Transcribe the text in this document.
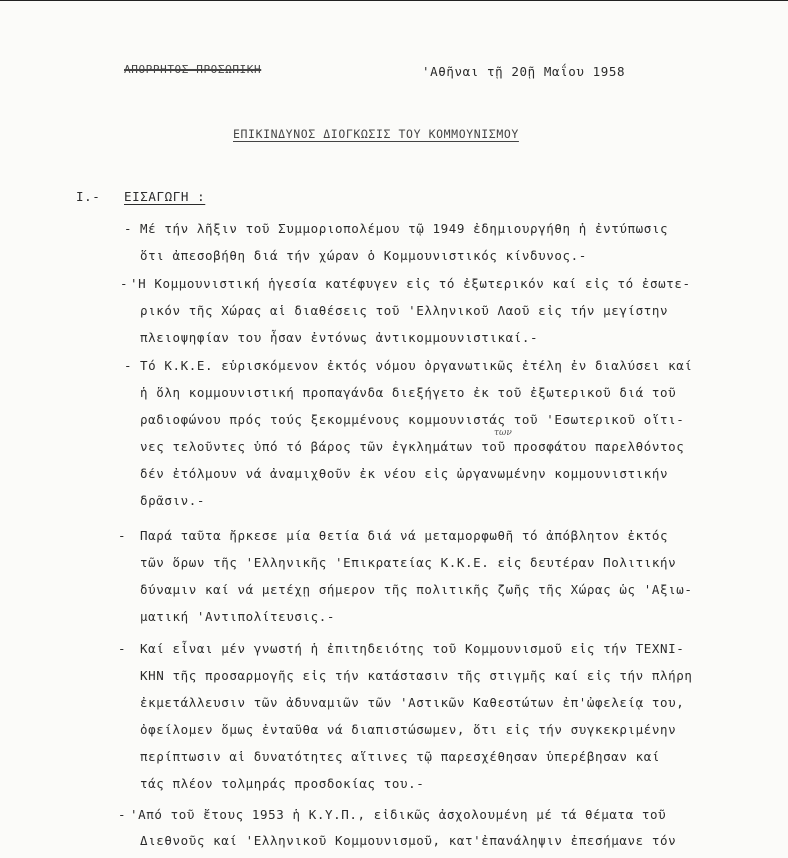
ΑΠΟΡΡΗΤΟΣ ΠΡΟΣΩΠΙΚΗ	'Αθῆναι τῇ 20ῇ Μαΐου 1958
ΕΠΙΚΙΝΔΥΝΟΣ ΔΙΟΓΚΩΣΙΣ ΤΟΥ ΚΟΜΜΟΥΝΙΣΜΟΥ
I.- ΕΙΣΑΓΩΓΗ :
- Μέ τήν λῆξιν τοῦ Συμμοριοπολέμου τῷ 1949 ἐδημιουργήθη ἡ ἐντύπωσις
ὅτι ἀπεσοβήθη διά τήν χώραν ὁ Κομμουνιστικός κίνδυνος.-
- 'Η Κομμουνιστική ἡγεσία κατέφυγεν εἰς τό ἐξωτερικόν καί εἰς τό ἐσωτε-
ρικόν τῆς Χώρας αἱ διαθέσεις τοῦ 'Ελληνικοῦ Λαοῦ εἰς τήν μεγίστην
πλειοψηφίαν του ἦσαν ἐντόνως ἀντικομμουνιστικαί.-
- Τό Κ.Κ.Ε. εὑρισκόμενον ἐκτός νόμου ὀργανωτικῶς ἐτέλη ἐν διαλύσει καί
ἡ ὅλη κομμουνιστική προπαγάνδα διεξήγετο ἐκ τοῦ ἐξωτερικοῦ διά τοῦ
ραδιοφώνου πρός τούς ξεκομμένους κομμουνιστάς τοῦ 'Εσωτερικοῦ οἵτι-
των
νες τελοῦντες ὑπό τό βάρος τῶν ἐγκλημάτων τοῦ προσφάτου παρελθόντος
δέν ἐτόλμουν νά ἀναμιχθοῦν ἐκ νέου εἰς ὠργανωμένην κομμουνιστικήν
δρᾶσιν.-
- Παρά ταῦτα ἤρκεσε μία θετία διά νά μεταμορφωθῆ τό ἀπόβλητον ἐκτός
τῶν ὅρων τῆς 'Ελληνικῆς 'Επικρατείας Κ.Κ.Ε. εἰς δευτέραν Πολιτικήν
δύναμιν καί νά μετέχῃ σήμερον τῆς πολιτικῆς ζωῆς τῆς Χώρας ὡς 'Αξιω-
ματική 'Αντιπολίτευσις.-
- Καί εἶναι μέν γνωστή ἡ ἐπιτηδειότης τοῦ Κομμουνισμοῦ εἰς τήν ΤΕΧΝΙ-
ΚΗΝ τῆς προσαρμογῆς εἰς τήν κατάστασιν τῆς στιγμῆς καί εἰς τήν πλήρη
ἐκμετάλλευσιν τῶν ἀδυναμιῶν τῶν 'Αστικῶν Καθεστώτων ἐπ'ὠφελείᾳ του,
ὀφείλομεν ὅμως ἐνταῦθα νά διαπιστώσωμεν, ὅτι εἰς τήν συγκεκριμένην
περίπτωσιν αἱ δυνατότητες αἵτινες τῷ παρεσχέθησαν ὑπερέβησαν καί
τάς πλέον τολμηράς προσδοκίας του.-
- 'Από τοῦ ἔτους 1953 ἡ Κ.Υ.Π., εἰδικῶς ἀσχολουμένη μέ τά θέματα τοῦ
Διεθνοῦς καί 'Ελληνικοῦ Κομμουνισμοῦ, κατ'ἐπανάληψιν ἐπεσήμανε τόν
